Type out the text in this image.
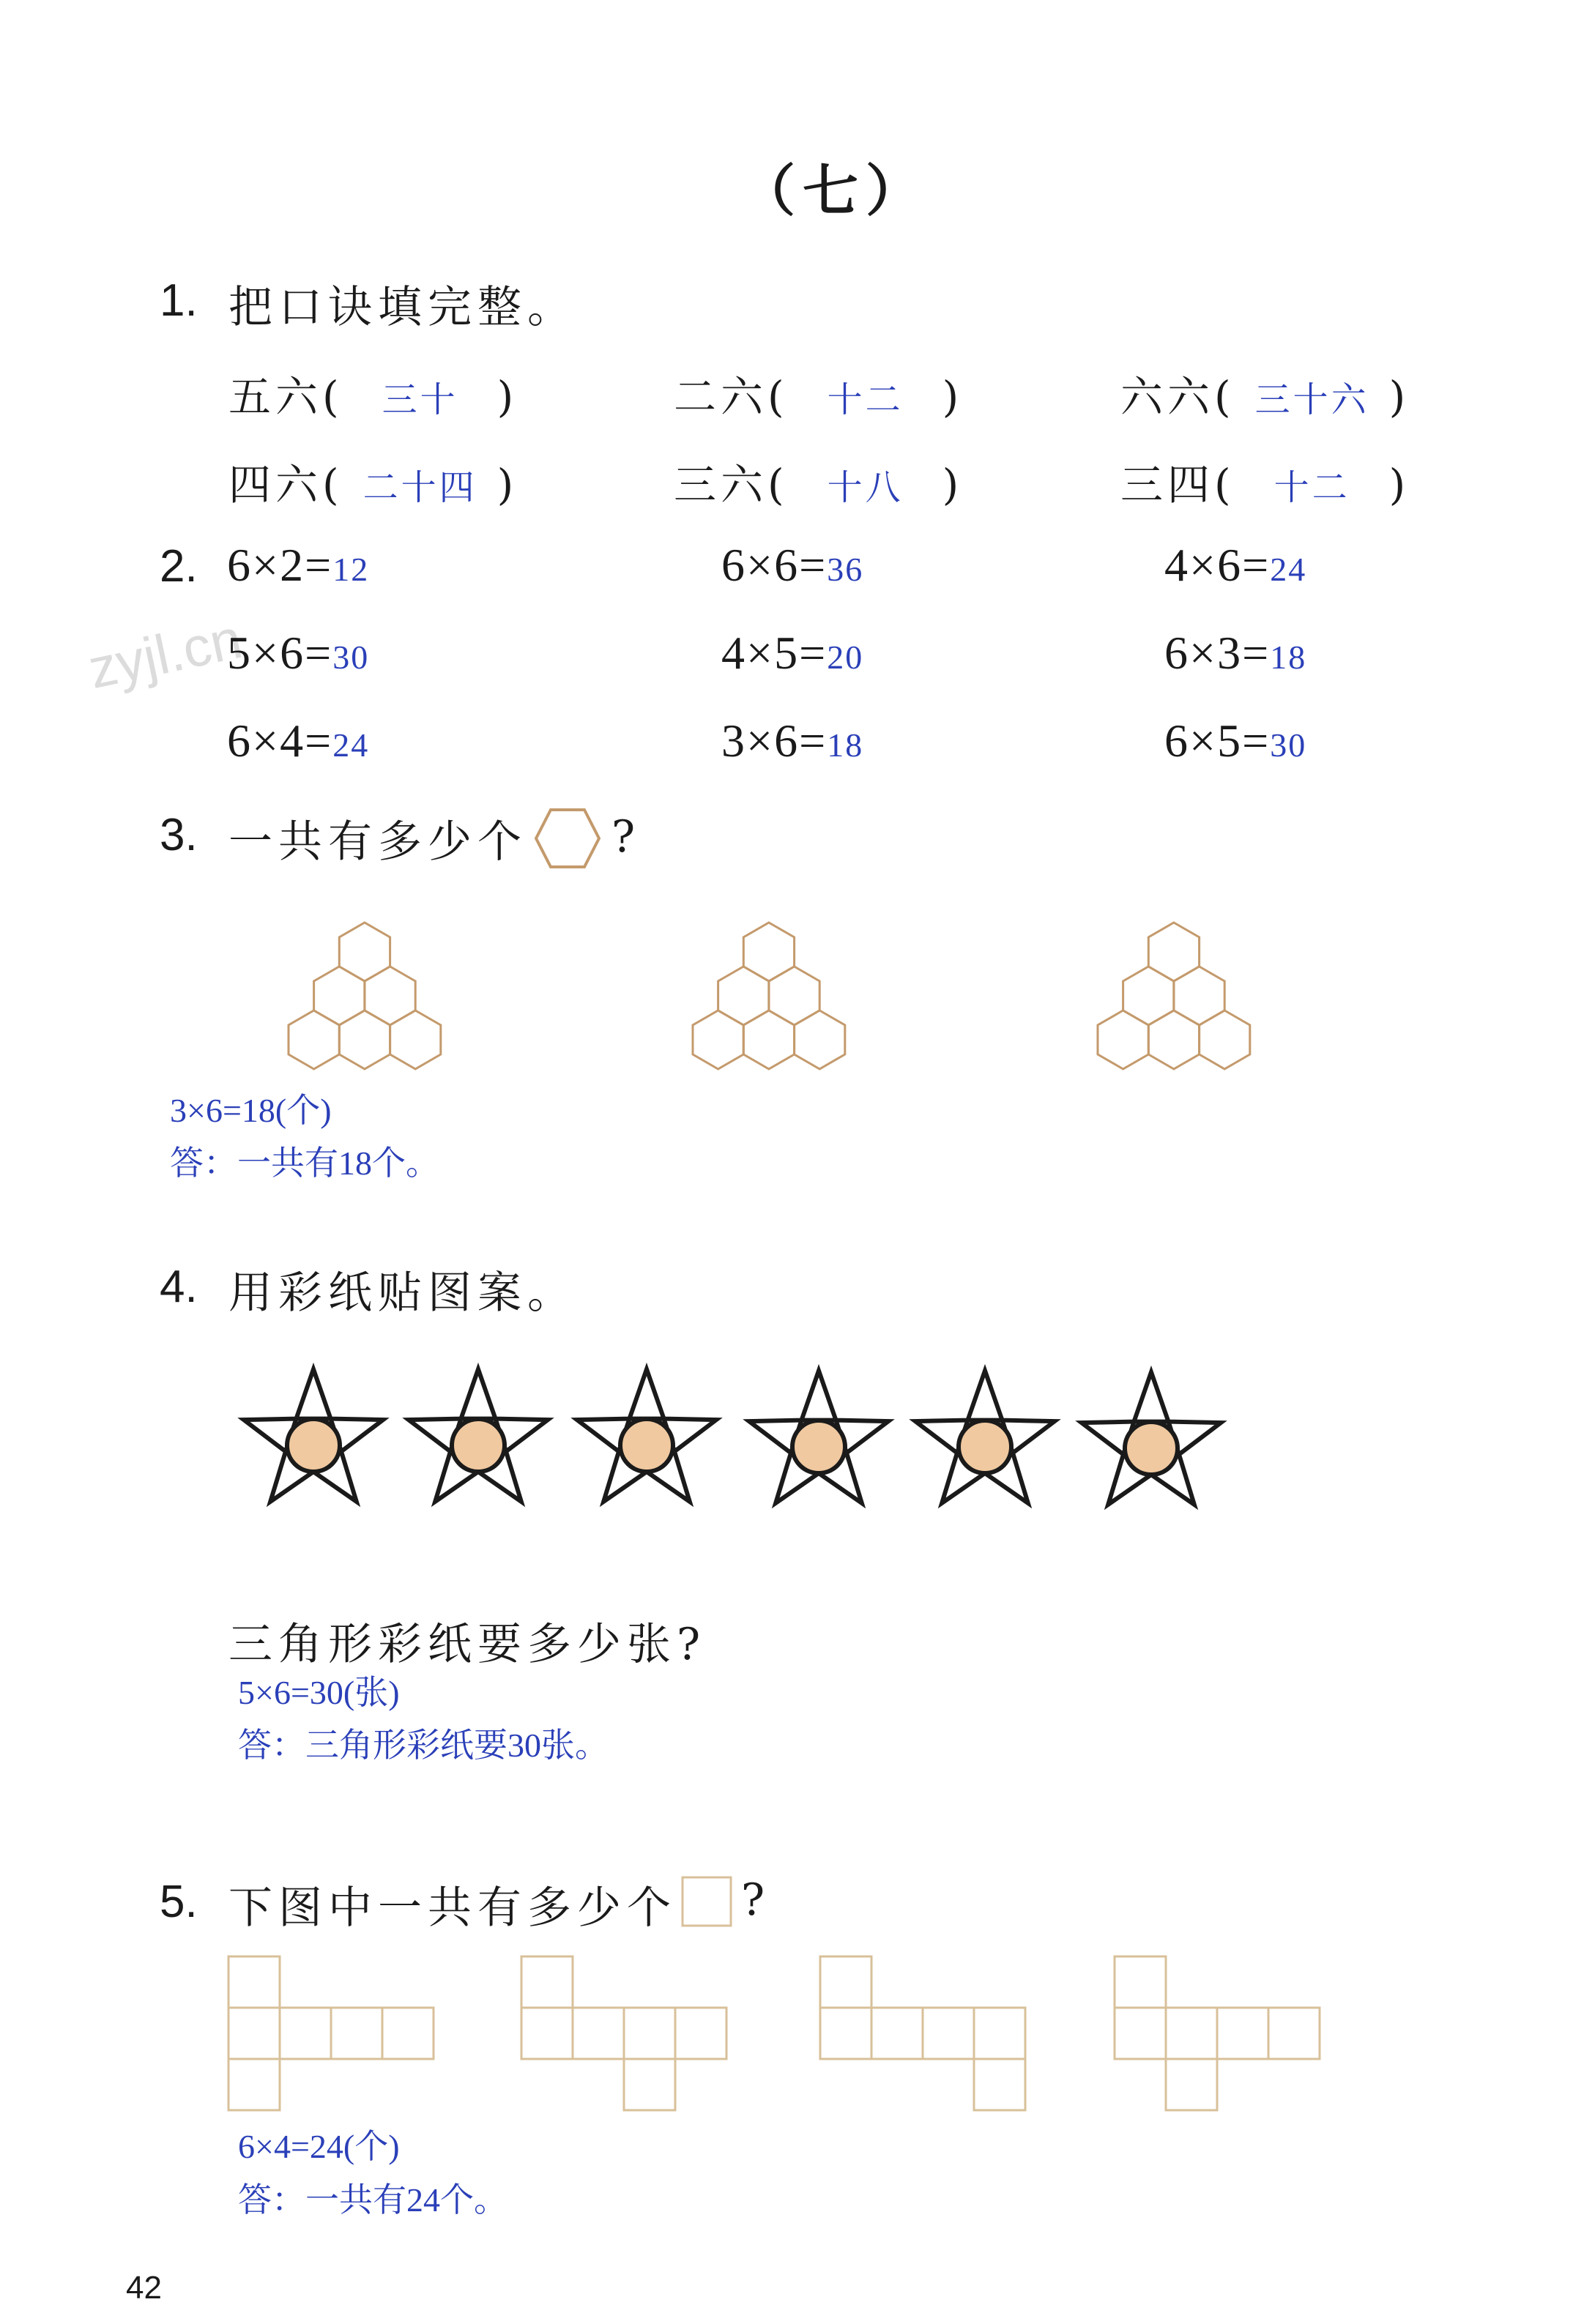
zyjl.cn
（七）
1. 把口诀填完整。
五六( 三十 )	二六( 十二 )	六六( 三十六 )
四六( 二十四 )	三六( 十八 )	三四( 十二 )
2. 6×2=12	6×6=36	4×6=24
5×6=30	4×5=20	6×3=18
6×4=24	3×6=18	6×5=30
3. 一共有多少个 ?
3×6=18(个)
答：一共有18个。
4. 用彩纸贴图案。
三角形彩纸要多少张?
5×6=30(张)
答：三角形彩纸要30张。
5. 下图中一共有多少个 ?
6×4=24(个)
答：一共有24个。
42
